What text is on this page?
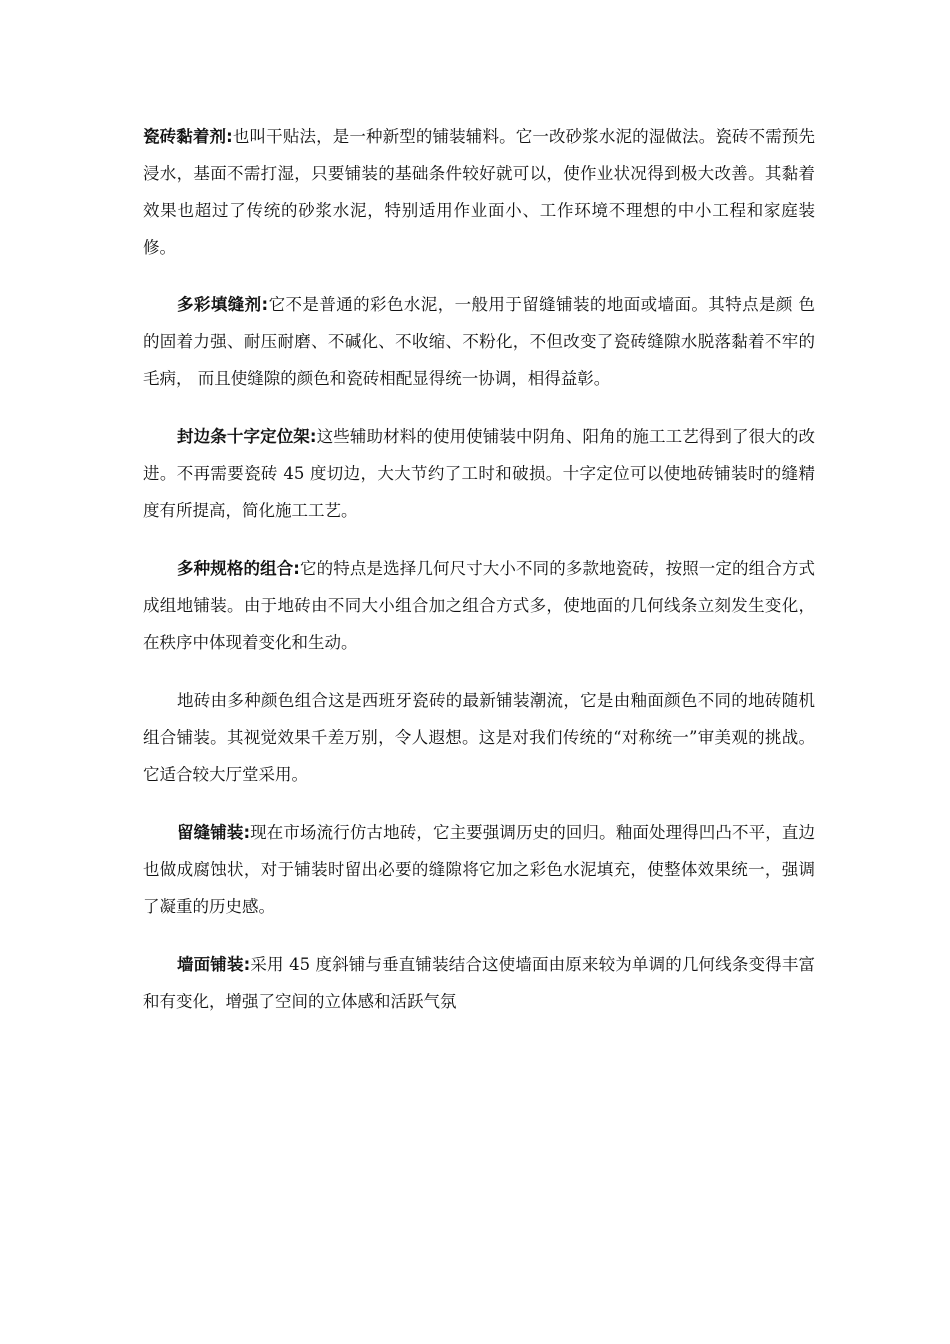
瓷砖黏着剂:也叫干贴法，是一种新型的铺装辅料。它一改砂浆水泥的湿做法。瓷砖不需预先浸水，基面不需打湿，只要铺装的基础条件较好就可以，使作业状况得到极大改善。其黏着效果也超过了传统的砂浆水泥，特别适用作业面小、工作环境不理想的中小工程和家庭装修。

多彩填缝剂:它不是普通的彩色水泥，一般用于留缝铺装的地面或墙面。其特点是颜 色的固着力强、耐压耐磨、不碱化、不收缩、不粉化，不但改变了瓷砖缝隙水脱落黏着不牢的毛病， 而且使缝隙的颜色和瓷砖相配显得统一协调，相得益彰。

封边条十字定位架:这些辅助材料的使用使铺装中阴角、阳角的施工工艺得到了很大的改进。不再需要瓷砖 45 度切边，大大节约了工时和破损。十字定位可以使地砖铺装时的缝精度有所提高，简化施工工艺。

多种规格的组合:它的特点是选择几何尺寸大小不同的多款地瓷砖，按照一定的组合方式成组地铺装。由于地砖由不同大小组合加之组合方式多，使地面的几何线条立刻发生变化，在秩序中体现着变化和生动。

地砖由多种颜色组合这是西班牙瓷砖的最新铺装潮流，它是由釉面颜色不同的地砖随机组合铺装。其视觉效果千差万别，令人遐想。这是对我们传统的“对称统一”审美观的挑战。它适合较大厅堂采用。

留缝铺装:现在市场流行仿古地砖，它主要强调历史的回归。釉面处理得凹凸不平，直边也做成腐蚀状，对于铺装时留出必要的缝隙将它加之彩色水泥填充，使整体效果统一，强调了凝重的历史感。

墙面铺装:采用 45 度斜铺与垂直铺装结合这使墙面由原来较为单调的几何线条变得丰富和有变化，增强了空间的立体感和活跃气氛
